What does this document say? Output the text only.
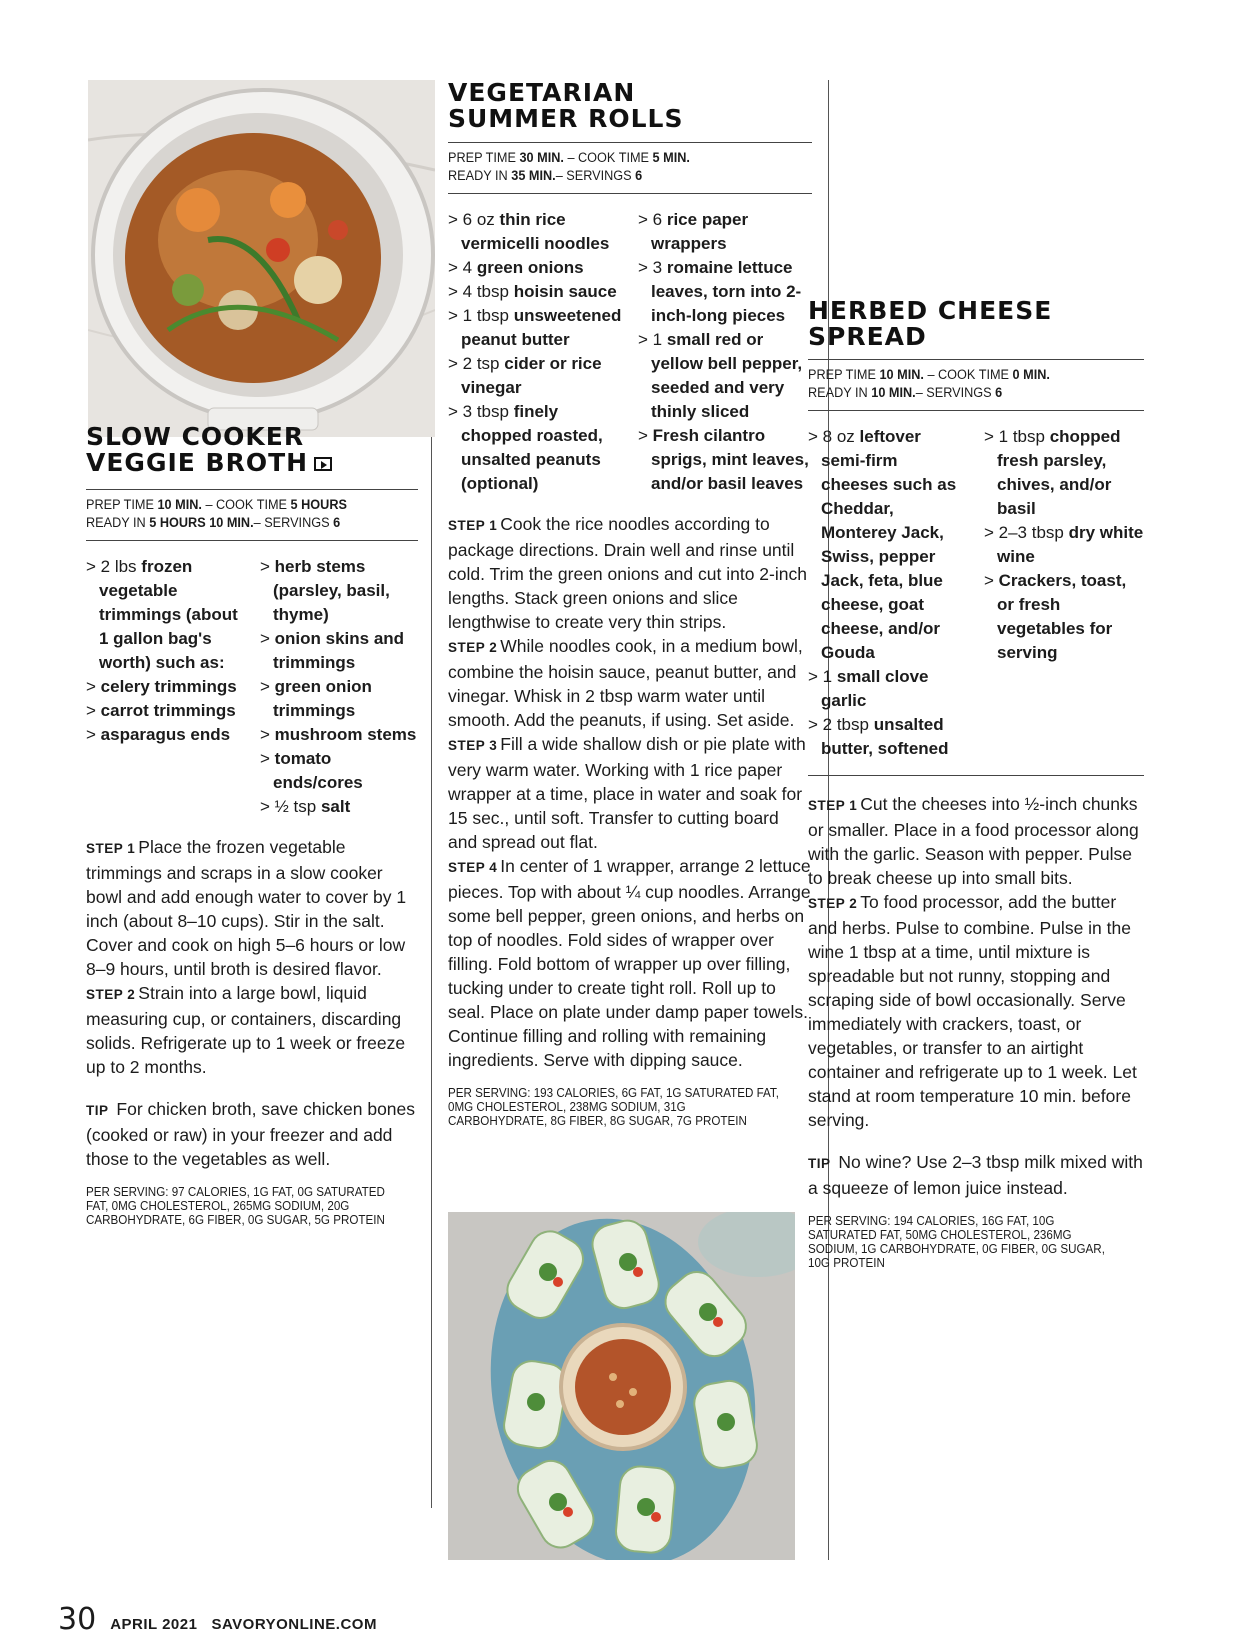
SLOW COOKER
VEGGIE BROTH
PREP TIME 10 MIN. – COOK TIME 5 HOURS
READY IN 5 HOURS 10 MIN.– SERVINGS 6
> 2 lbs frozen vegetable trimmings (about 1 gallon bag's worth) such as:
> celery trimmings
> carrot trimmings
> asparagus ends
> herb stems (parsley, basil, thyme)
> onion skins and trimmings
> green onion trimmings
> mushroom stems
> tomato ends/cores
> ½ tsp salt
STEP 1 Place the frozen vegetable trimmings and scraps in a slow cooker bowl and add enough water to cover by 1 inch (about 8–10 cups). Stir in the salt. Cover and cook on high 5–6 hours or low 8–9 hours, until broth is desired flavor.
STEP 2 Strain into a large bowl, liquid measuring cup, or containers, discarding solids. Refrigerate up to 1 week or freeze up to 2 months.
TIP For chicken broth, save chicken bones (cooked or raw) in your freezer and add those to the vegetables as well.
PER SERVING: 97 CALORIES, 1G FAT, 0G SATURATED FAT, 0MG CHOLESTEROL, 265MG SODIUM, 20G CARBOHYDRATE, 6G FIBER, 0G SUGAR, 5G PROTEIN
VEGETARIAN
SUMMER ROLLS
PREP TIME 30 MIN. – COOK TIME 5 MIN.
READY IN 35 MIN.– SERVINGS 6
> 6 oz thin rice vermicelli noodles
> 4 green onions
> 4 tbsp hoisin sauce
> 1 tbsp unsweetened peanut butter
> 2 tsp cider or rice vinegar
> 3 tbsp finely chopped roasted, unsalted peanuts (optional)
> 6 rice paper wrappers
> 3 romaine lettuce leaves, torn into 2-inch-long pieces
> 1 small red or yellow bell pepper, seeded and very thinly sliced
> Fresh cilantro sprigs, mint leaves, and/or basil leaves
STEP 1 Cook the rice noodles according to package directions. Drain well and rinse until cold. Trim the green onions and cut into 2-inch lengths. Stack green onions and slice lengthwise to create very thin strips.
STEP 2 While noodles cook, in a medium bowl, combine the hoisin sauce, peanut butter, and vinegar. Whisk in 2 tbsp warm water until smooth. Add the peanuts, if using. Set aside.
STEP 3 Fill a wide shallow dish or pie plate with very warm water. Working with 1 rice paper wrapper at a time, place in water and soak for 15 sec., until soft. Transfer to cutting board and spread out flat.
STEP 4 In center of 1 wrapper, arrange 2 lettuce pieces. Top with about ¼ cup noodles. Arrange some bell pepper, green onions, and herbs on top of noodles. Fold sides of wrapper over filling. Fold bottom of wrapper up over filling, tucking under to create tight roll. Roll up to seal. Place on plate under damp paper towels. Continue filling and rolling with remaining ingredients. Serve with dipping sauce.
PER SERVING: 193 CALORIES, 6G FAT, 1G SATURATED FAT, 0MG CHOLESTEROL, 238MG SODIUM, 31G CARBOHYDRATE, 8G FIBER, 8G SUGAR, 7G PROTEIN
HERBED CHEESE SPREAD
PREP TIME 10 MIN. – COOK TIME 0 MIN.
READY IN 10 MIN.– SERVINGS 6
> 8 oz leftover semi-firm cheeses such as Cheddar, Monterey Jack, Swiss, pepper Jack, feta, blue cheese, goat cheese, and/or Gouda
> 1 small clove garlic
> 2 tbsp unsalted butter, softened
> 1 tbsp chopped fresh parsley, chives, and/or basil
> 2–3 tbsp dry white wine
> Crackers, toast, or fresh vegetables for serving
STEP 1 Cut the cheeses into ½-inch chunks or smaller. Place in a food processor along with the garlic. Season with pepper. Pulse to break cheese up into small bits.
STEP 2 To food processor, add the butter and herbs. Pulse to combine. Pulse in the wine 1 tbsp at a time, until mixture is spreadable but not runny, stopping and scraping side of bowl occasionally. Serve immediately with crackers, toast, or vegetables, or transfer to an airtight container and refrigerate up to 1 week. Let stand at room temperature 10 min. before serving.
TIP No wine? Use 2–3 tbsp milk mixed with a squeeze of lemon juice instead.
PER SERVING: 194 CALORIES, 16G FAT, 10G SATURATED FAT, 50MG CHOLESTEROL, 236MG SODIUM, 1G CARBOHYDRATE, 0G FIBER, 0G SUGAR, 10G PROTEIN
30 APRIL 2021 SAVORYONLINE.COM
